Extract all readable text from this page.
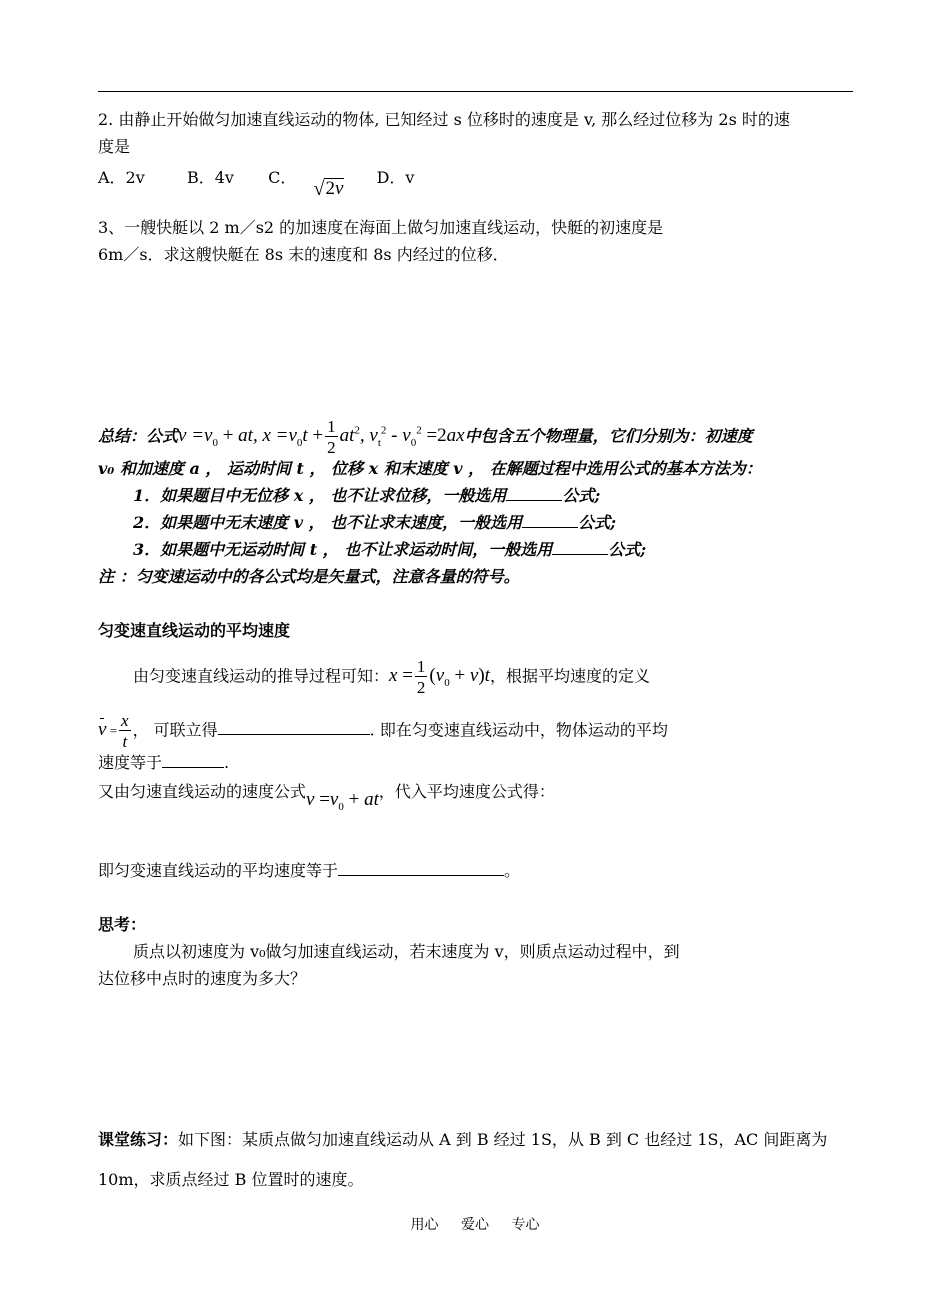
2. 由静止开始做匀加速直线运动的物体, 已知经过 s 位移时的速度是 v, 那么经过位移为 2s 时的速
度是
A．2v	B．4v C．
√ 2v
D．v
3、一艘快艇以 2 m／s2 的加速度在海面上做匀加速直线运动，快艇的初速度是
6m／s．求这艘快艇在 8s 末的速度和 8s 内经过的位移．
总结：公式$v =v_0$ + at, $x =v_0t + \frac{1}{2} at^2$, $v_t^2 - v_0^2 =2ax$中包含五个物理量，它们分别为：初速度
v₀ 和加速度 a ， 运动时间 t ， 位移 x 和末速度 v ， 在解题过程中选用公式的基本方法为：
1．如果题目中无位移 x ， 也不让求位移，一般选用	公式;
2．如果题中无末速度 v ， 也不让求末速度，一般选用	公式;
3．如果题中无运动时间 t ， 也不让求运动时间，一般选用	公式;
注 ：匀变速运动中的各公式均是矢量式，注意各量的符号。
匀变速直线运动的平均速度
由匀变速直线运动的推导过程可知：$x = \frac{1}{2} (v_0 + v)t$，根据平均速度的定义
$v = \frac{x}{t}$ ， 可联立得	. 即在匀变速直线运动中，物体运动的平均
速度等于	.
又由匀速直线运动的速度公式$v =v_0$ + at，代入平均速度公式得：
即匀变速直线运动的平均速度等于	。
思考：
质点以初速度为 v₀做匀加速直线运动，若末速度为 v，则质点运动过程中，到
达位移中点时的速度为多大？
课堂练习：如下图：某质点做匀加速直线运动从 A 到 B 经过 1S，从 B 到 C 也经过 1S，AC 间距离为
10m，求质点经过 B 位置时的速度。
用心 爱心 专心
